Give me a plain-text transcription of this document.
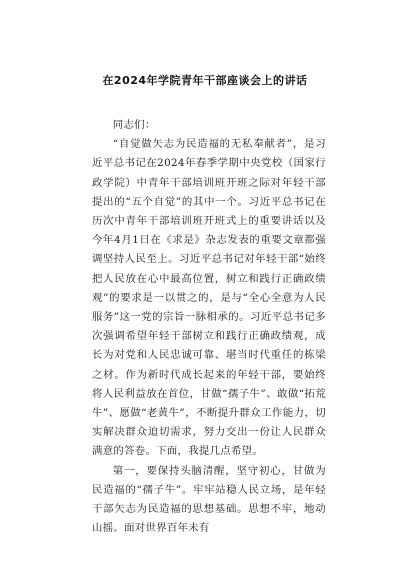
在2024年学院青年干部座谈会上的讲话

同志们：

“自觉做矢志为民造福的无私奉献者”，是习近平总书记在2024年春季学期中央党校（国家行政学院）中青年干部培训班开班之际对年轻干部提出的“五个自觉”的其中一个。习近平总书记在历次中青年干部培训班开班式上的重要讲话以及今年4月1日在《求是》杂志发表的重要文章都强调坚持人民至上。习近平总书记对年轻干部“始终把人民放在心中最高位置，树立和践行正确政绩观”的要求是一以贯之的，是与“全心全意为人民服务”这一党的宗旨一脉相承的。习近平总书记多次强调希望年轻干部树立和践行正确政绩观，成长为对党和人民忠诚可靠、堪当时代重任的栋梁之材。作为新时代成长起来的年轻干部，要始终将人民利益放在首位，甘做“孺子牛”、敢做“拓荒牛”、愿做“老黄牛”，不断提升群众工作能力，切实解决群众迫切需求，努力交出一份让人民群众满意的答卷。下面，我提几点希望。

第一，要保持头脑清醒，坚守初心，甘做为民造福的“孺子牛”。牢牢站稳人民立场，是年轻干部矢志为民造福的思想基础。思想不牢，地动山摇。面对世界百年未有
